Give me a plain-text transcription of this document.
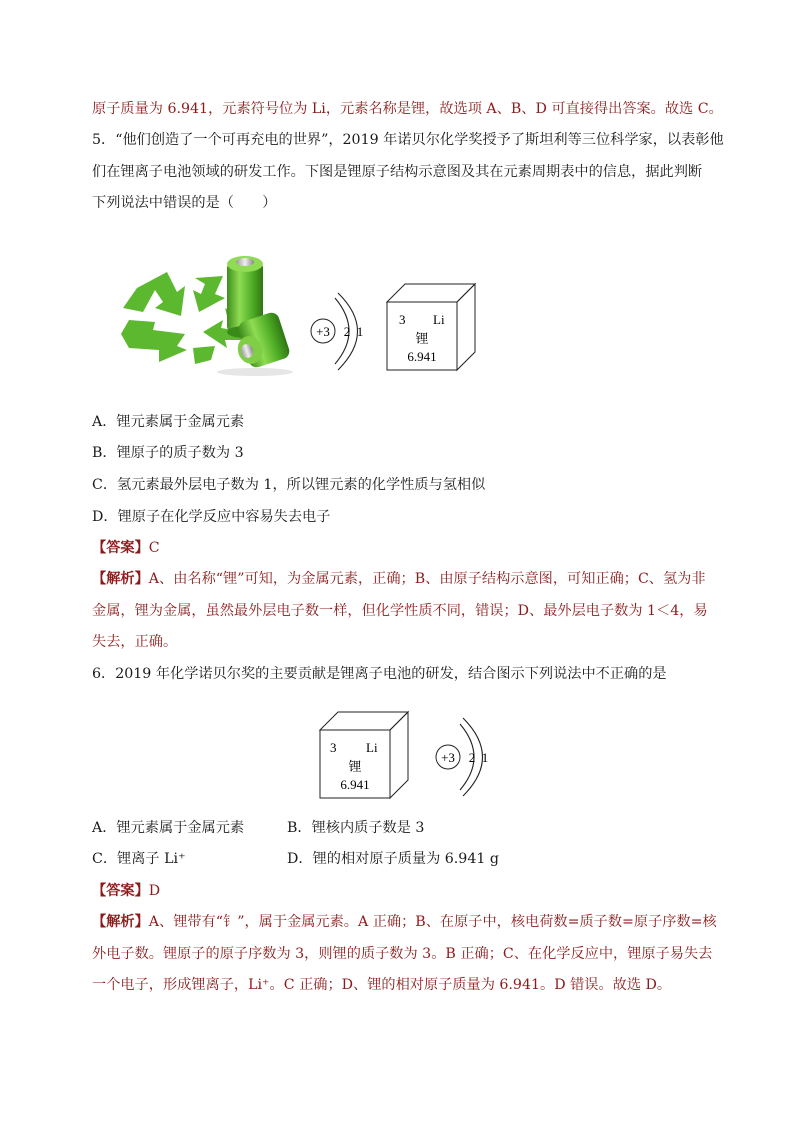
原子质量为 6.941，元素符号位为 Li，元素名称是锂，故选项 A、B、D 可直接得出答案。故选 C。
5．“他们创造了一个可再充电的世界”，2019 年诺贝尔化学奖授予了斯坦利等三位科学家，以表彰他
们在锂离子电池领域的研发工作。下图是锂原子结构示意图及其在元素周期表中的信息，据此判断
下列说法中错误的是（　　）
+3 2 1
3 Li
锂
6.941
A．锂元素属于金属元素
B．锂原子的质子数为 3
C．氢元素最外层电子数为 1，所以锂元素的化学性质与氢相似
D．锂原子在化学反应中容易失去电子
【答案】C
【解析】A、由名称“锂”可知，为金属元素，正确；B、由原子结构示意图，可知正确；C、氢为非
金属，锂为金属，虽然最外层电子数一样，但化学性质不同，错误；D、最外层电子数为 1＜4，易
失去，正确。
6．2019 年化学诺贝尔奖的主要贡献是锂离子电池的研发，结合图示下列说法中不正确的是
3 Li
锂
6.941
+3 2 1
A．锂元素属于金属元素	B．锂核内质子数是 3
C．锂离子 Li⁺	D．锂的相对原子质量为 6.941 g
【答案】D
【解析】A、锂带有“钅”，属于金属元素。A 正确；B、在原子中，核电荷数=质子数=原子序数=核
外电子数。锂原子的原子序数为 3，则锂的质子数为 3。B 正确；C、在化学反应中，锂原子易失去
一个电子，形成锂离子，Li⁺。C 正确；D、锂的相对原子质量为 6.941。D 错误。故选 D。
